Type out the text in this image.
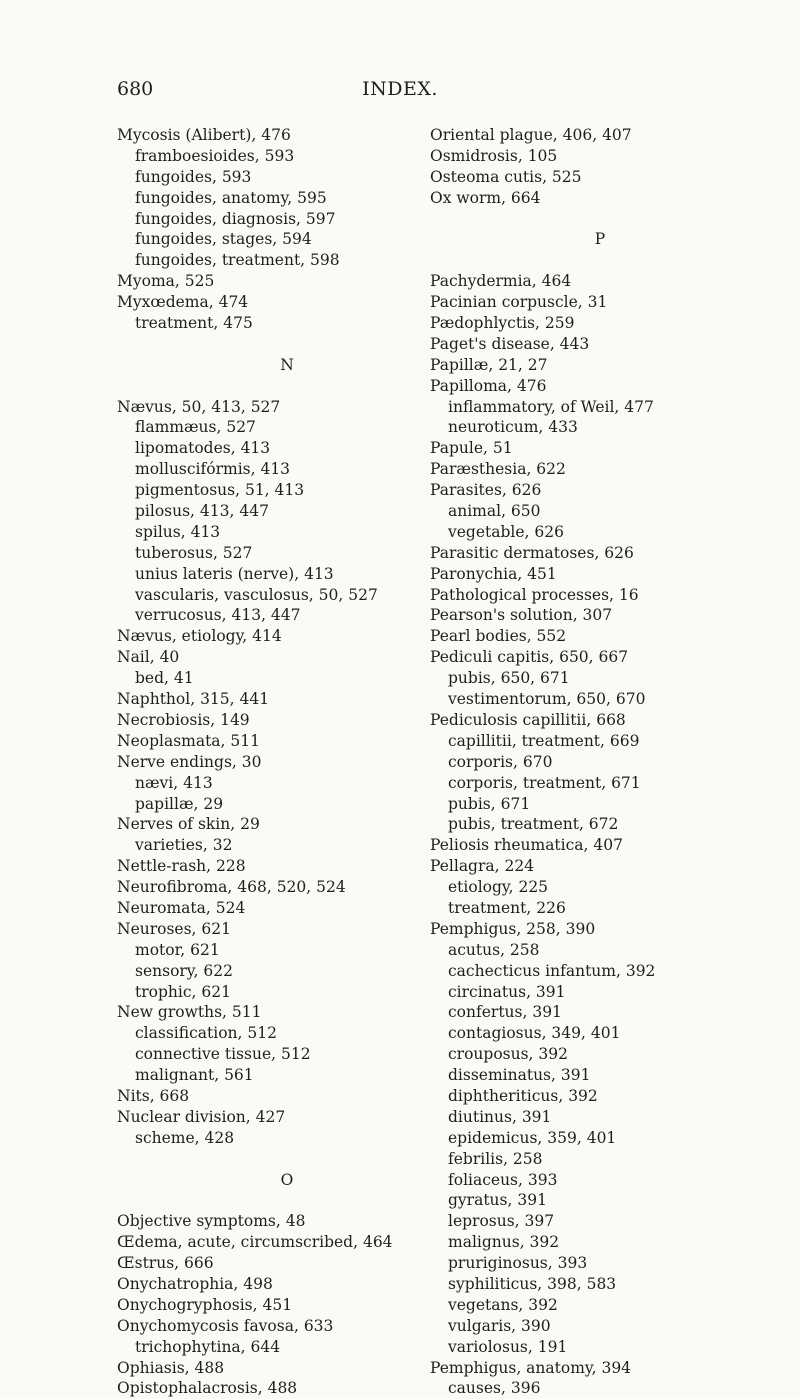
680	INDEX.
Mycosis (Alibert), 476
framboesioides, 593
fungoides, 593
fungoides, anatomy, 595
fungoides, diagnosis, 597
fungoides, stages, 594
fungoides, treatment, 598
Myoma, 525
Myxœdema, 474
treatment, 475
N
Nævus, 50, 413, 527
flammæus, 527
lipomatodes, 413
molluscifórmis, 413
pigmentosus, 51, 413
pilosus, 413, 447
spilus, 413
tuberosus, 527
unius lateris (nerve), 413
vascularis, vasculosus, 50, 527
verrucosus, 413, 447
Nævus, etiology, 414
Nail, 40
bed, 41
Naphthol, 315, 441
Necrobiosis, 149
Neoplasmata, 511
Nerve endings, 30
nævi, 413
papillæ, 29
Nerves of skin, 29
varieties, 32
Nettle-rash, 228
Neurofibroma, 468, 520, 524
Neuromata, 524
Neuroses, 621
motor, 621
sensory, 622
trophic, 621
New growths, 511
classification, 512
connective tissue, 512
malignant, 561
Nits, 668
Nuclear division, 427
scheme, 428
O
Objective symptoms, 48
Œdema, acute, circumscribed, 464
Œstrus, 666
Onychatrophia, 498
Onychogryphosis, 451
Onychomycosis favosa, 633
trichophytina, 644
Ophiasis, 488
Opistophalacrosis, 488
Oriental plague, 406, 407
Osmidrosis, 105
Osteoma cutis, 525
Ox worm, 664
P
Pachydermia, 464
Pacinian corpuscle, 31
Pædophlyctis, 259
Paget's disease, 443
Papillæ, 21, 27
Papilloma, 476
inflammatory, of Weil, 477
neuroticum, 433
Papule, 51
Paræsthesia, 622
Parasites, 626
animal, 650
vegetable, 626
Parasitic dermatoses, 626
Paronychia, 451
Pathological processes, 16
Pearson's solution, 307
Pearl bodies, 552
Pediculi capitis, 650, 667
pubis, 650, 671
vestimentorum, 650, 670
Pediculosis capillitii, 668
capillitii, treatment, 669
corporis, 670
corporis, treatment, 671
pubis, 671
pubis, treatment, 672
Peliosis rheumatica, 407
Pellagra, 224
etiology, 225
treatment, 226
Pemphigus, 258, 390
acutus, 258
cachecticus infantum, 392
circinatus, 391
confertus, 391
contagiosus, 349, 401
crouposus, 392
disseminatus, 391
diphtheriticus, 392
diutinus, 391
epidemicus, 359, 401
febrilis, 258
foliaceus, 393
gyratus, 391
leprosus, 397
malignus, 392
pruriginosus, 393
syphiliticus, 398, 583
vegetans, 392
vulgaris, 390
variolosus, 191
Pemphigus, anatomy, 394
causes, 396
